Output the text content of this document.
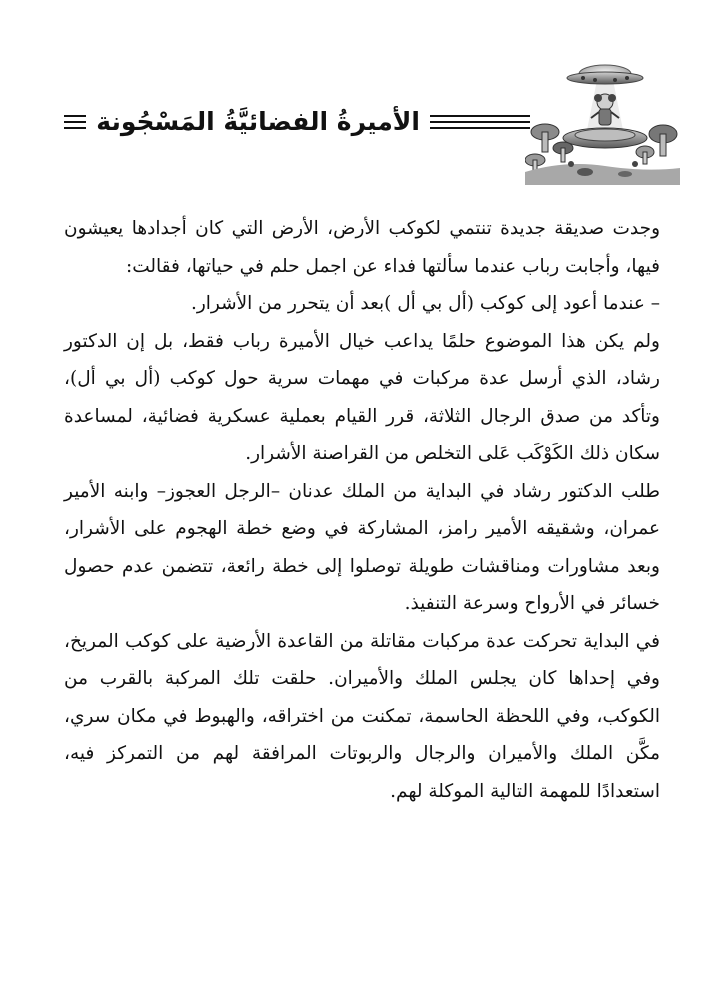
الأميرةُ الفضائيَّةُ المَسْجُونة

وجدت صديقة جديدة تنتمي لكوكب الأرض، الأرض التي كان أجدادها يعيشون فيها، وأجابت رباب عندما سألتها فداء عن اجمل حلم في حياتها، فقالت:

– عندما أعود إلى كوكب (أل بي أل )بعد أن يتحرر من الأشرار.

ولم يكن هذا الموضوع حلمًا يداعب خيال الأميرة رباب فقط، بل إن الدكتور رشاد، الذي أرسل عدة مركبات في مهمات سرية حول كوكب (أل بي أل)، وتأكد من صدق الرجال الثلاثة، قرر القيام بعملية عسكرية فضائية، لمساعدة سكان ذلك الكَوْكَب عَلى التخلص من القراصنة الأشرار.

طلب الدكتور رشاد في البداية من الملك عدنان –الرجل العجوز– وابنه الأمير عمران، وشقيقه الأمير رامز، المشاركة في وضع خطة الهجوم على الأشرار، وبعد مشاورات ومناقشات طويلة توصلوا إلى خطة رائعة، تتضمن عدم حصول خسائر في الأرواح وسرعة التنفيذ.

في البداية تحركت عدة مركبات مقاتلة من القاعدة الأرضية على كوكب المريخ، وفي إحداها كان يجلس الملك والأميران. حلقت تلك المركبة بالقرب من الكوكب، وفي اللحظة الحاسمة، تمكنت من اختراقه، والهبوط في مكان سري، مكَّن الملك والأميران والرجال والربوتات المرافقة لهم من التمركز فيه، استعدادًا للمهمة التالية الموكلة لهم.
